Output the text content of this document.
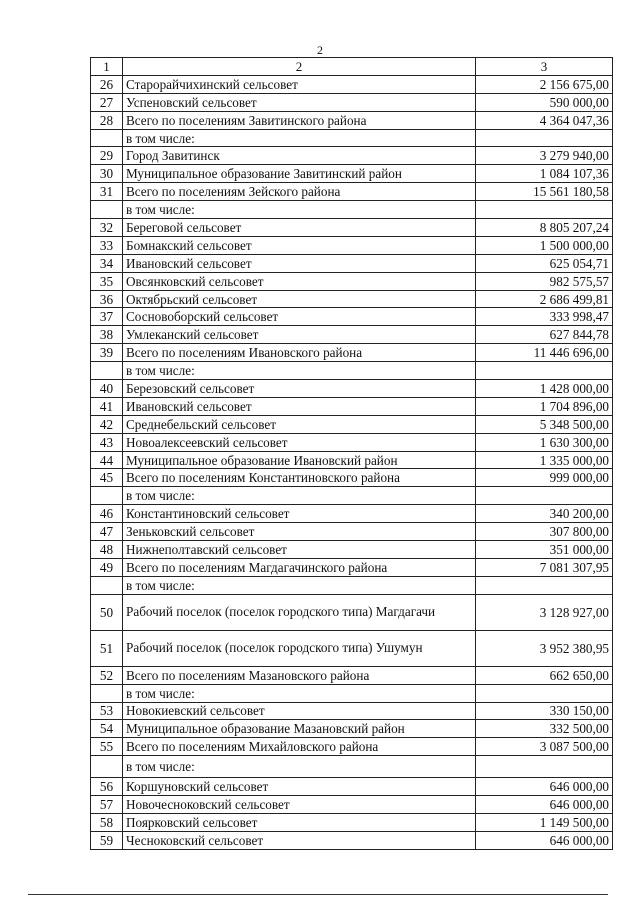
2
1	2	3
26	Старорайчихинский сельсовет	2 156 675,00
27	Успеновский сельсовет	590 000,00
28	Всего по поселениям Завитинского района	4 364 047,36
	в том числе:	
29	Город Завитинск	3 279 940,00
30	Муниципальное образование Завитинский район	1 084 107,36
31	Всего по поселениям Зейского района	15 561 180,58
	в том числе:	
32	Береговой сельсовет	8 805 207,24
33	Бомнакский сельсовет	1 500 000,00
34	Ивановский сельсовет	625 054,71
35	Овсянковский сельсовет	982 575,57
36	Октябрьский сельсовет	2 686 499,81
37	Сосновоборский сельсовет	333 998,47
38	Умлеканский сельсовет	627 844,78
39	Всего по поселениям Ивановского района	11 446 696,00
	в том числе:	
40	Березовский сельсовет	1 428 000,00
41	Ивановский сельсовет	1 704 896,00
42	Среднебельский сельсовет	5 348 500,00
43	Новоалексеевский сельсовет	1 630 300,00
44	Муниципальное образование Ивановский район	1 335 000,00
45	Всего по поселениям Константиновского района	999 000,00
	в том числе:	
46	Константиновский сельсовет	340 200,00
47	Зеньковский сельсовет	307 800,00
48	Нижнеполтавский сельсовет	351 000,00
49	Всего по поселениям Магдагачинского района	7 081 307,95
	в том числе:	
50	Рабочий поселок (поселок городского типа) Магдагачи	3 128 927,00
51	Рабочий поселок (поселок городского типа) Ушумун	3 952 380,95
52	Всего по поселениям Мазановского района	662 650,00
	в том числе:	
53	Новокиевский сельсовет	330 150,00
54	Муниципальное образование Мазановский район	332 500,00
55	Всего по поселениям Михайловского района	3 087 500,00
	в том числе:	
56	Коршуновский сельсовет	646 000,00
57	Новочесноковский сельсовет	646 000,00
58	Поярковский сельсовет	1 149 500,00
59	Чесноковский сельсовет	646 000,00
